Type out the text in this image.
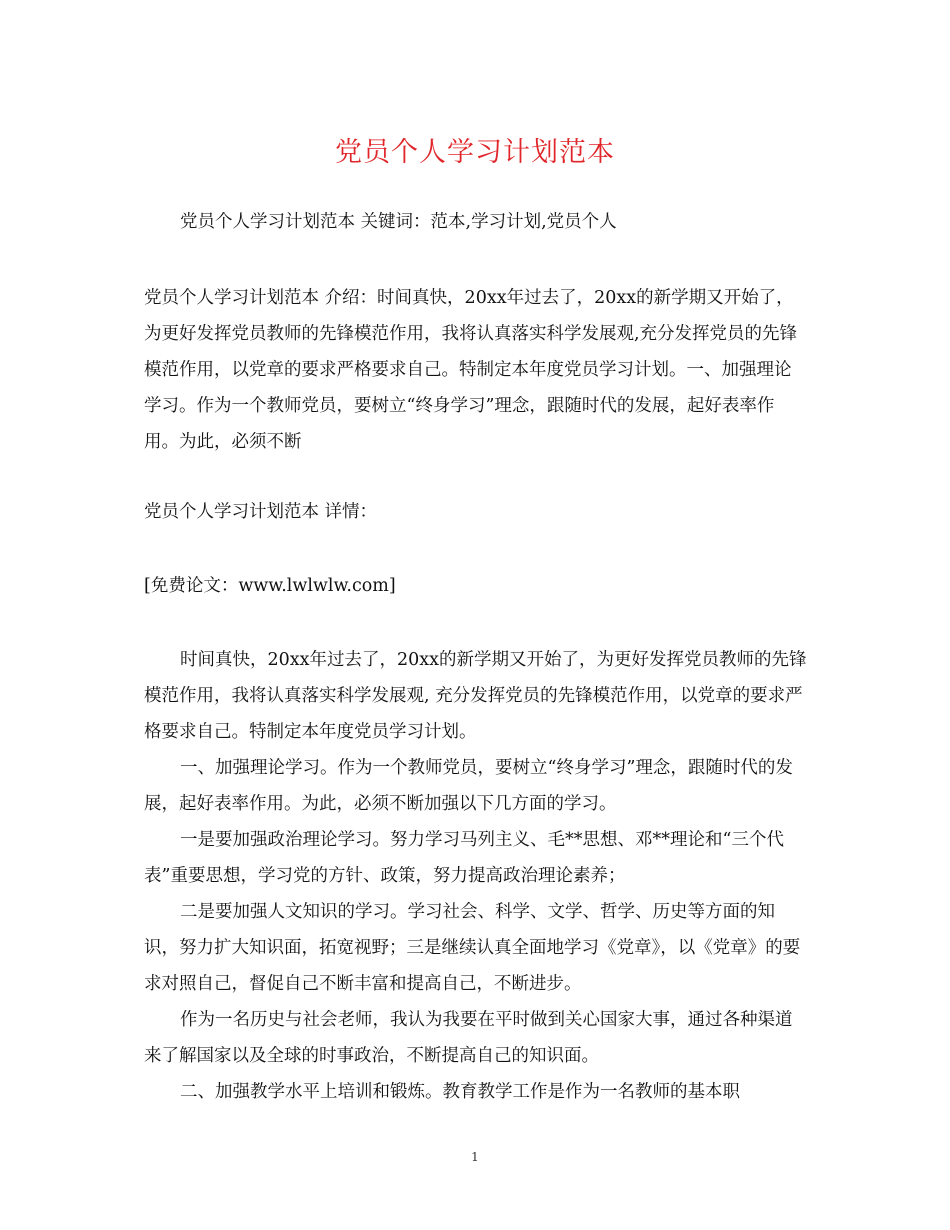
党员个人学习计划范本
党员个人学习计划范本 关键词：范本,学习计划,党员个人
党员个人学习计划范本 介绍：时间真快，20xx年过去了，20xx的新学期又开始了，为更好发挥党员教师的先锋模范作用，我将认真落实科学发展观,充分发挥党员的先锋模范作用，以党章的要求严格要求自己。特制定本年度党员学习计划。一、加强理论学习。作为一个教师党员，要树立“终身学习”理念，跟随时代的发展，起好表率作用。为此，必须不断
党员个人学习计划范本 详情：
[免费论文：www.lwlwlw.com]

时间真快，20xx年过去了，20xx的新学期又开始了，为更好发挥党员教师的先锋模范作用，我将认真落实科学发展观, 充分发挥党员的先锋模范作用，以党章的要求严格要求自己。特制定本年度党员学习计划。

一、加强理论学习。作为一个教师党员，要树立“终身学习”理念，跟随时代的发展，起好表率作用。为此，必须不断加强以下几方面的学习。

一是要加强政治理论学习。努力学习马列主义、毛**思想、邓**理论和“三个代表”重要思想，学习党的方针、政策，努力提高政治理论素养；

二是要加强人文知识的学习。学习社会、科学、文学、哲学、历史等方面的知识，努力扩大知识面，拓宽视野；三是继续认真全面地学习《党章》，以《党章》的要求对照自己，督促自己不断丰富和提高自己，不断进步。

作为一名历史与社会老师，我认为我要在平时做到关心国家大事，通过各种渠道来了解国家以及全球的时事政治，不断提高自己的知识面。

二、加强教学水平上培训和锻炼。教育教学工作是作为一名教师的基本职

1
